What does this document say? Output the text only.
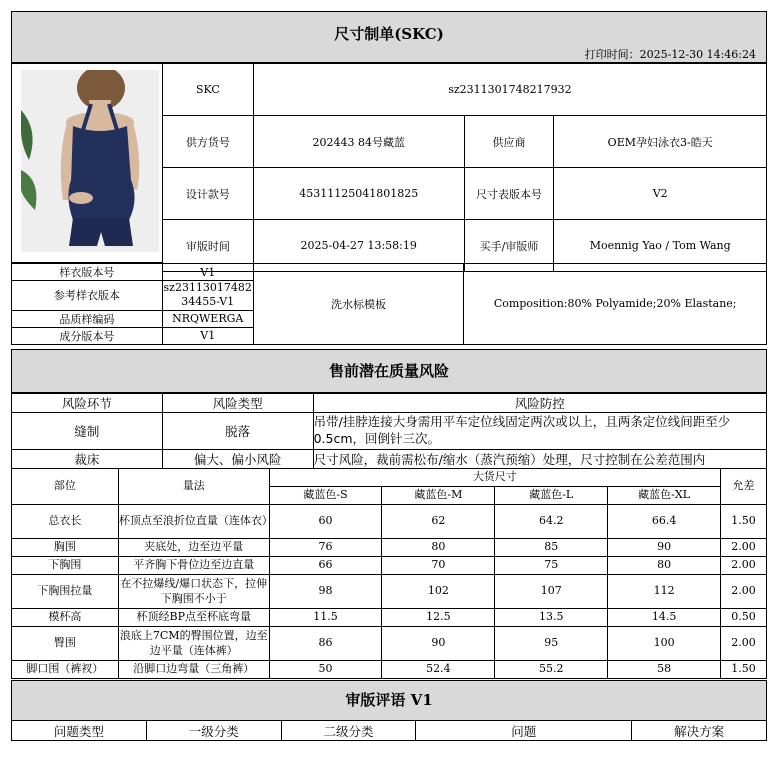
尺寸制单(SKC)
打印时间：2025-12-30 14:46:24
SKC	sz2311301748217932		
供方货号	202443 84号藏蓝	供应商	OEM孕妇泳衣3-皓天
设计款号	45311125041801825	尺寸表版本号	V2
审版时间	2025-04-27 13:58:19	买手/审版师	Moennig Yao / Tom Wang
样衣版本号	V1	洗水标模板	Composition:80% Polyamide;20% Elastane;
参考样衣版本	sz2311301748234455-V1		

品质样编码	NRQWERGA		
成分版本号	V1		
售前潜在质量风险
风险环节	风险类型	风险防控
缝制	脱落	吊带/挂脖连接大身需用平车定位线固定两次或以上，且两条定位线间距至少0.5cm，回倒针三次。
裁床	偏大、偏小风险	尺寸风险，裁前需松布/缩水（蒸汽预缩）处理，尺寸控制在公差范围内
部位	量法	大货尺寸				允差
		藏蓝色-S	藏蓝色-M	藏蓝色-L	藏蓝色-XL	
总衣长	杯顶点至浪折位直量（连体衣）	60	62	64.2	66.4	1.50
胸围	夹底处，边至边平量	76	80	85	90	2.00
下胸围	平齐胸下骨位边至边直量	66	70	75	80	2.00
下胸围拉量	在不拉爆线/爆口状态下，拉伸下胸围不小于	98	102	107	112	2.00
模杯高	杯顶经BP点至杯底弯量	11.5	12.5	13.5	14.5	0.50
臀围	浪底上7CM的臀围位置，边至边平量（连体裤）	86	90	95	100	2.00
脚口围（裤衩）	沿脚口边弯量（三角裤）	50	52.4	55.2	58	1.50
审版评语 V1
问题类型	一级分类	二级分类	问题	解决方案
